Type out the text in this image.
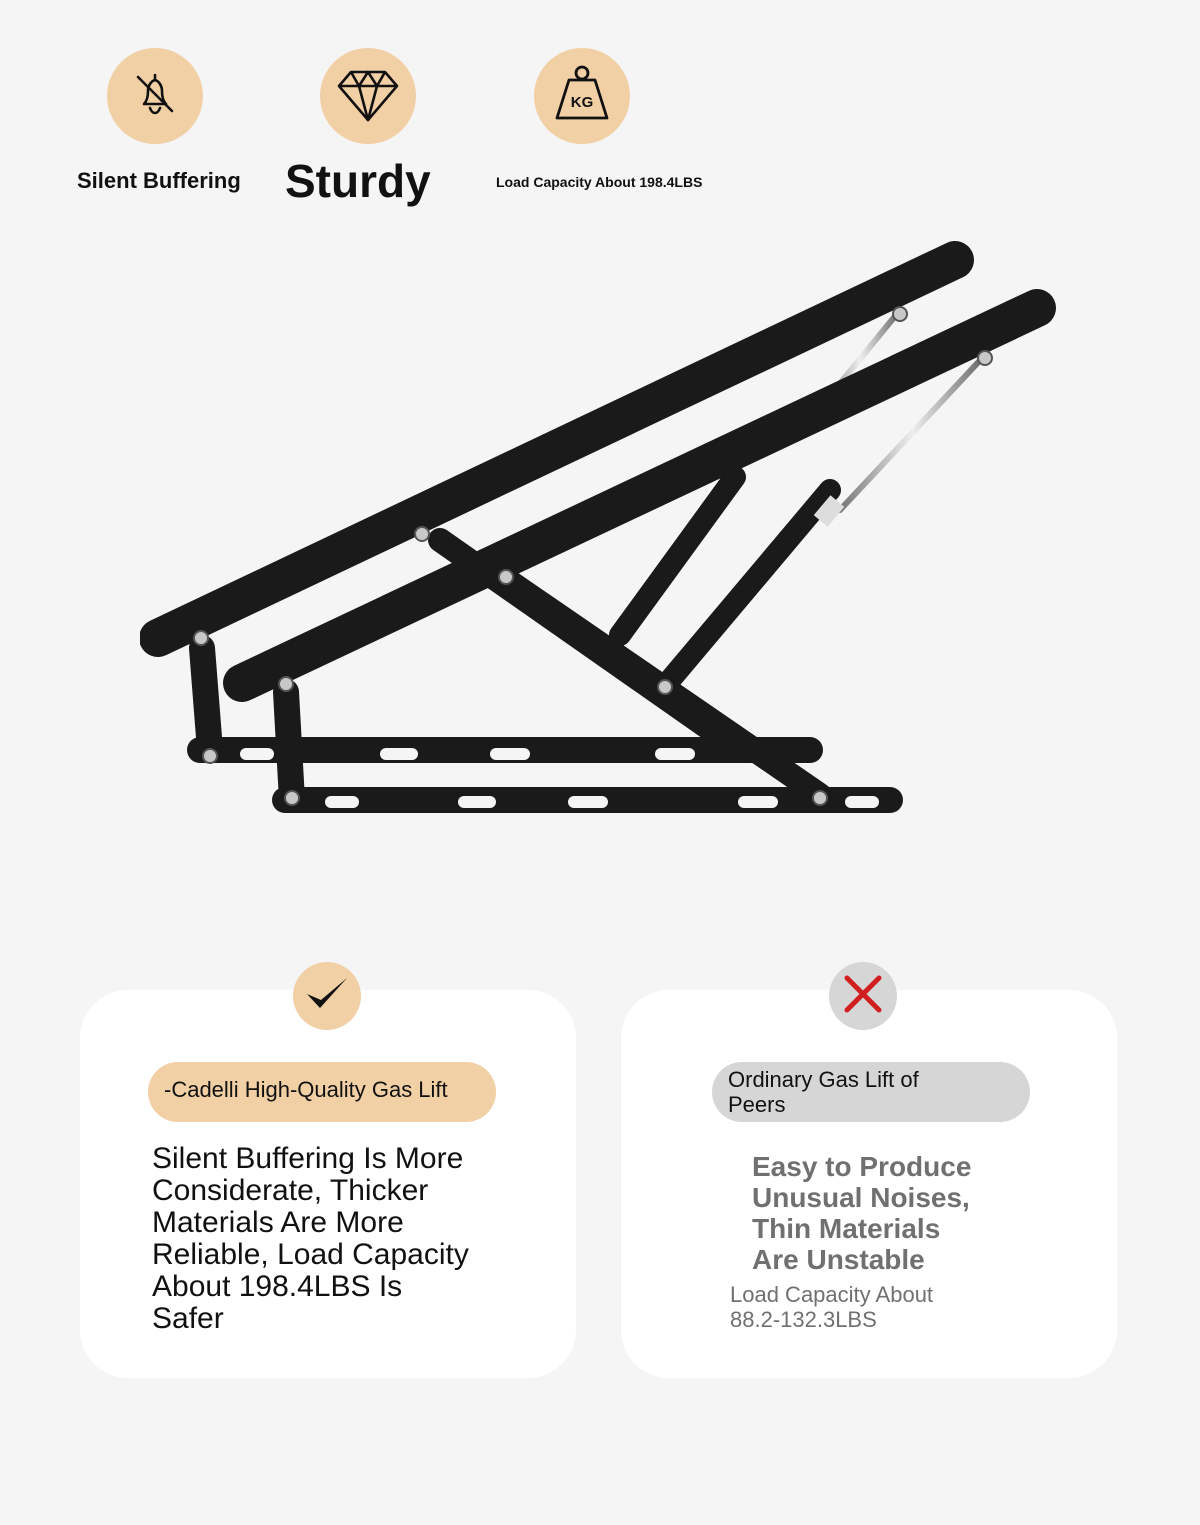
Silent Buffering Sturdy
KG
Load Capacity About 198.4LBS
-Cadelli High-Quality Gas Lift
Silent Buffering Is More
Considerate, Thicker
Materials Are More
Reliable, Load Capacity
About 198.4LBS Is
Safer
Ordinary Gas Lift of
Peers
Easy to Produce
Unusual Noises,
Thin Materials
Are Unstable
Load Capacity About
88.2-132.3LBS
